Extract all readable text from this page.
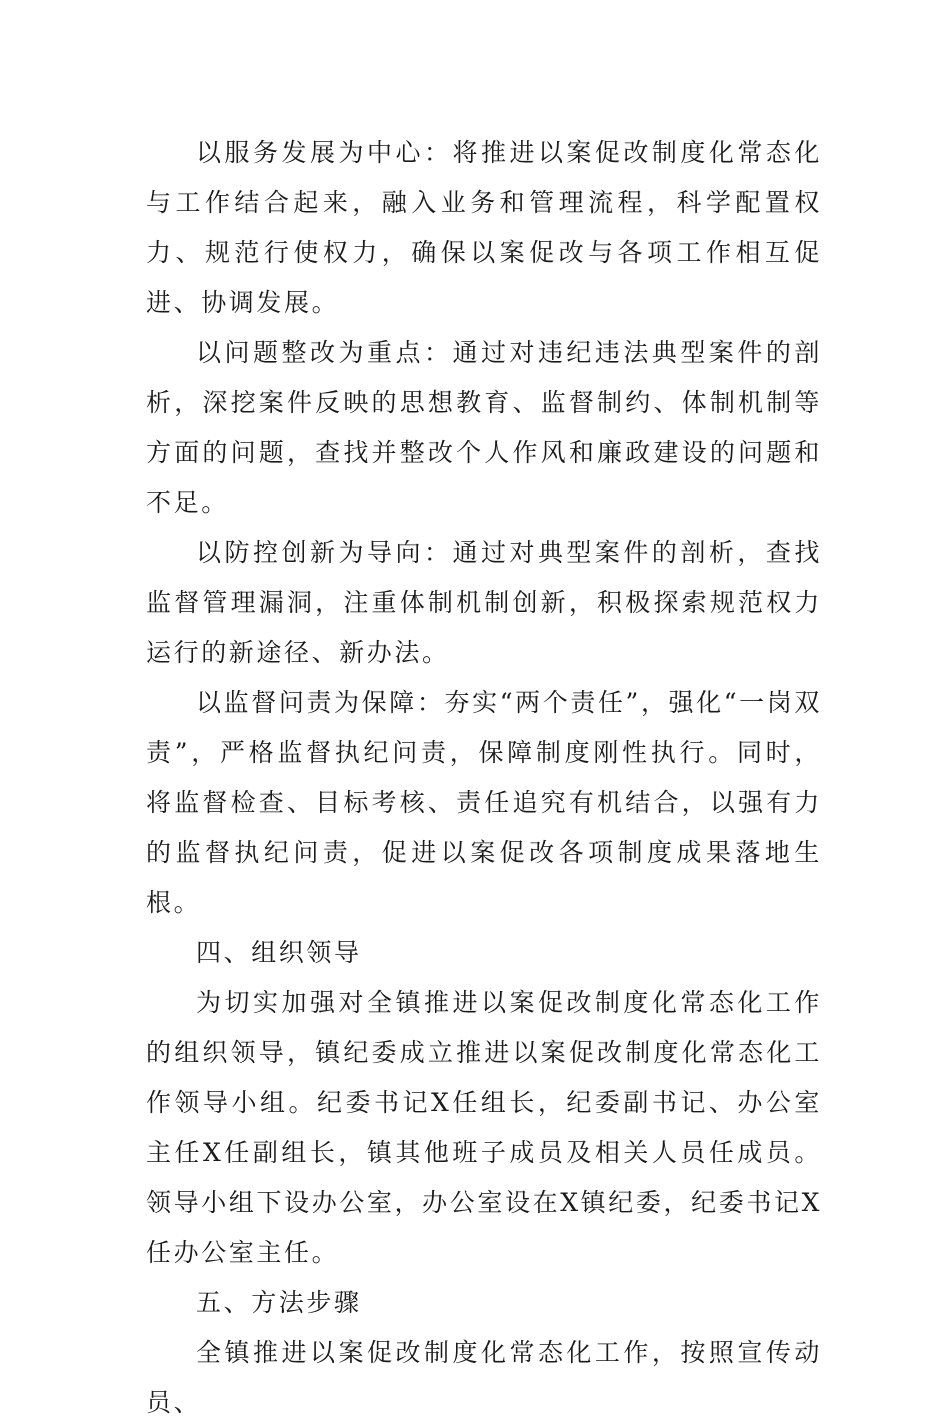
以服务发展为中心：将推进以案促改制度化常态化与工作结合起来，融入业务和管理流程，科学配置权力、规范行使权力，确保以案促改与各项工作相互促进、协调发展。

以问题整改为重点：通过对违纪违法典型案件的剖析，深挖案件反映的思想教育、监督制约、体制机制等方面的问题，查找并整改个人作风和廉政建设的问题和不足。

以防控创新为导向：通过对典型案件的剖析，查找监督管理漏洞，注重体制机制创新，积极探索规范权力运行的新途径、新办法。

以监督问责为保障：夯实“两个责任”，强化“一岗双责”，严格监督执纪问责，保障制度刚性执行。同时，将监督检查、目标考核、责任追究有机结合，以强有力的监督执纪问责，促进以案促改各项制度成果落地生根。

四、组织领导

为切实加强对全镇推进以案促改制度化常态化工作的组织领导，镇纪委成立推进以案促改制度化常态化工作领导小组。纪委书记X任组长，纪委副书记、办公室主任X任副组长，镇其他班子成员及相关人员任成员。领导小组下设办公室，办公室设在X镇纪委，纪委书记X任办公室主任。

五、方法步骤

全镇推进以案促改制度化常态化工作，按照宣传动员、
